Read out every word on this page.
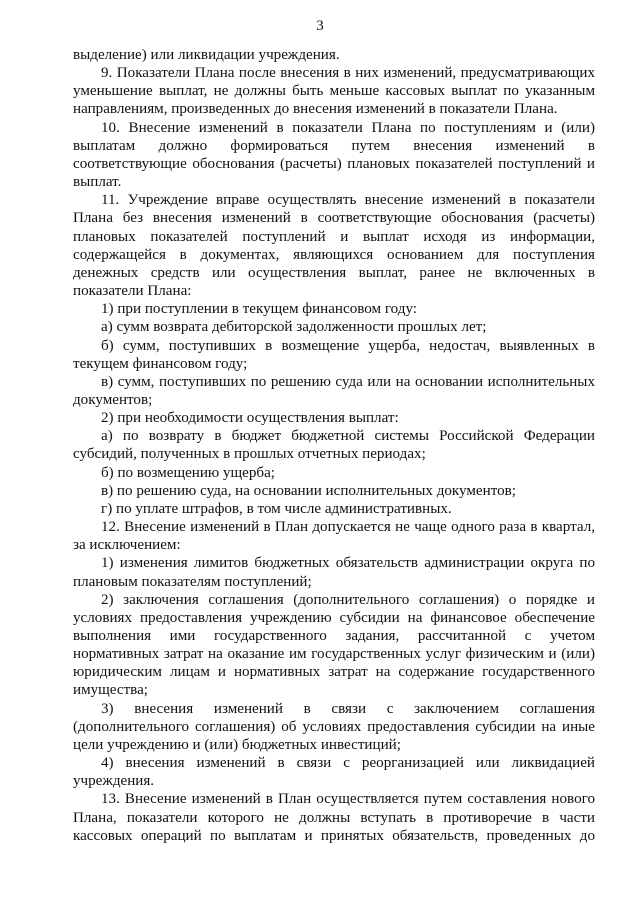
3

выделение) или ликвидации учреждения.

9. Показатели Плана после внесения в них изменений, предусматривающих уменьшение выплат, не должны быть меньше кассовых выплат по указанным направлениям, произведенных до внесения изменений в показатели Плана.

10. Внесение изменений в показатели Плана по поступлениям и (или) выплатам должно формироваться путем внесения изменений в соответствующие обоснования (расчеты) плановых показателей поступлений и выплат.

11. Учреждение вправе осуществлять внесение изменений в показатели Плана без внесения изменений в соответствующие обоснования (расчеты) плановых показателей поступлений и выплат исходя из информации, содержащейся в документах, являющихся основанием для поступления денежных средств или осуществления выплат, ранее не включенных в показатели Плана:

1) при поступлении в текущем финансовом году:

а) сумм возврата дебиторской задолженности прошлых лет;

б) сумм, поступивших в возмещение ущерба, недостач, выявленных в текущем финансовом году;

в) сумм, поступивших по решению суда или на основании исполнительных документов;

2) при необходимости осуществления выплат:

а) по возврату в бюджет бюджетной системы Российской Федерации субсидий, полученных в прошлых отчетных периодах;

б) по возмещению ущерба;

в) по решению суда, на основании исполнительных документов;

г) по уплате штрафов, в том числе административных.

12. Внесение изменений в План допускается не чаще одного раза в квартал, за исключением:

1) изменения лимитов бюджетных обязательств администрации округа по плановым показателям поступлений;

2) заключения соглашения (дополнительного соглашения) о порядке и условиях предоставления учреждению субсидии на финансовое обеспечение выполнения ими государственного задания, рассчитанной с учетом нормативных затрат на оказание им государственных услуг физическим и (или) юридическим лицам и нормативных затрат на содержание государственного имущества;

3) внесения изменений в связи с заключением соглашения (дополнительного соглашения) об условиях предоставления субсидии на иные цели учреждению и (или) бюджетных инвестиций;

4) внесения изменений в связи с реорганизацией или ликвидацией учреждения.

13. Внесение изменений в План осуществляется путем составления нового Плана, показатели которого не должны вступать в противоречие в части кассовых операций по выплатам и принятых обязательств, проведенных до
